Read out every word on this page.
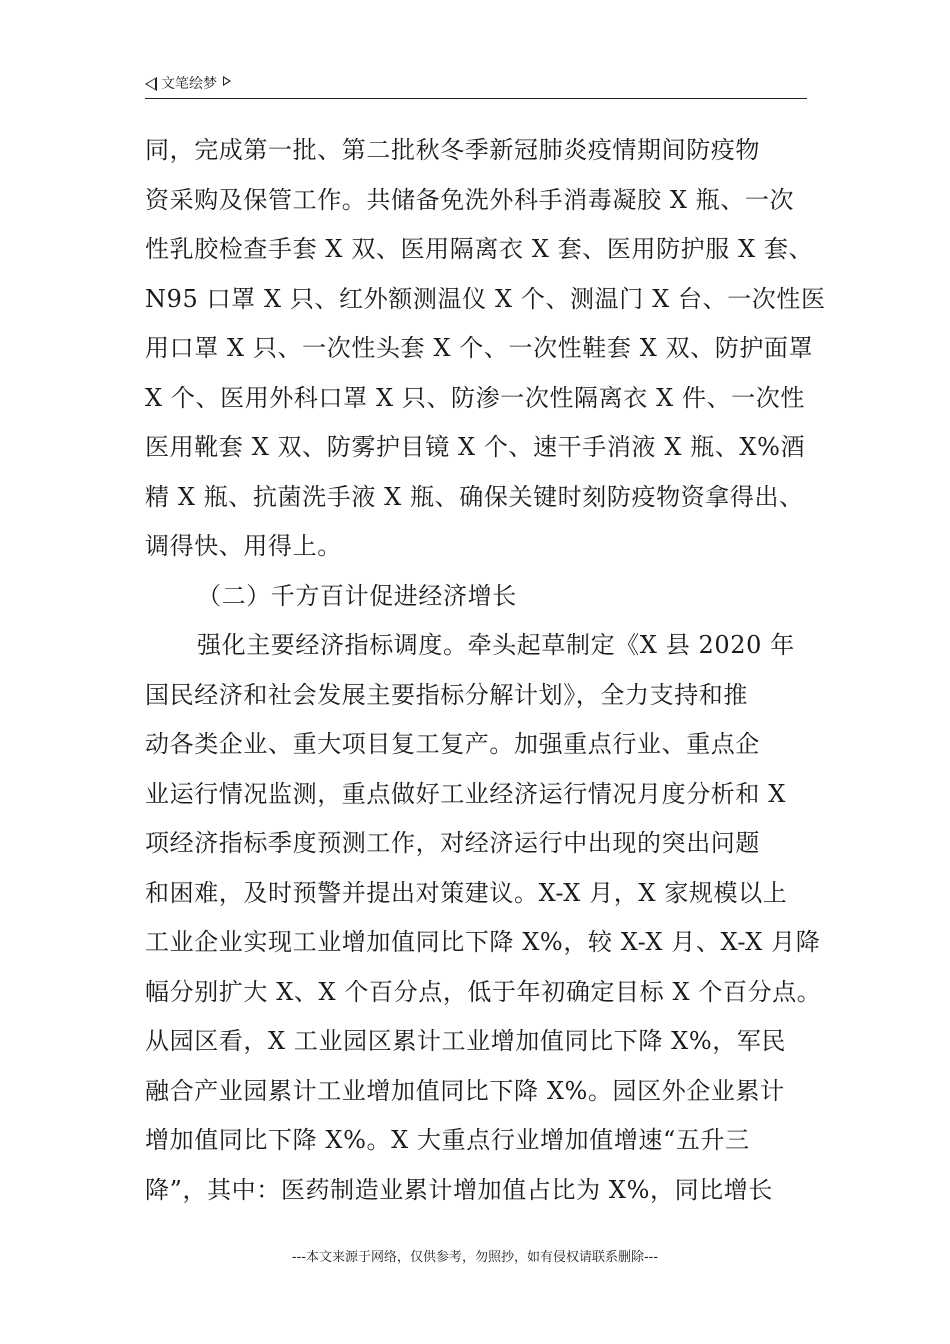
文笔绘梦
同，完成第一批、第二批秋冬季新冠肺炎疫情期间防疫物
资采购及保管工作。共储备免洗外科手消毒凝胶 X 瓶、一次
性乳胶检查手套 X 双、医用隔离衣 X 套、医用防护服 X 套、
N95 口罩 X 只、红外额测温仪 X 个、测温门 X 台、一次性医
用口罩 X 只、一次性头套 X 个、一次性鞋套 X 双、防护面罩
X 个、医用外科口罩 X 只、防渗一次性隔离衣 X 件、一次性
医用靴套 X 双、防雾护目镜 X 个、速干手消液 X 瓶、X%酒
精 X 瓶、抗菌洗手液 X 瓶、确保关键时刻防疫物资拿得出、
调得快、用得上。
（二）千方百计促进经济增长
强化主要经济指标调度。牵头起草制定《X 县 2020 年
国民经济和社会发展主要指标分解计划》，全力支持和推
动各类企业、重大项目复工复产。加强重点行业、重点企
业运行情况监测，重点做好工业经济运行情况月度分析和 X
项经济指标季度预测工作，对经济运行中出现的突出问题
和困难，及时预警并提出对策建议。X-X 月，X 家规模以上
工业企业实现工业增加值同比下降 X%，较 X-X 月、X-X 月降
幅分别扩大 X、X 个百分点，低于年初确定目标 X 个百分点。
从园区看，X 工业园区累计工业增加值同比下降 X%，军民
融合产业园累计工业增加值同比下降 X%。园区外企业累计
增加值同比下降 X%。X 大重点行业增加值增速“五升三
降”，其中：医药制造业累计增加值占比为 X%，同比增长
---本文来源于网络，仅供参考，勿照抄，如有侵权请联系删除---
